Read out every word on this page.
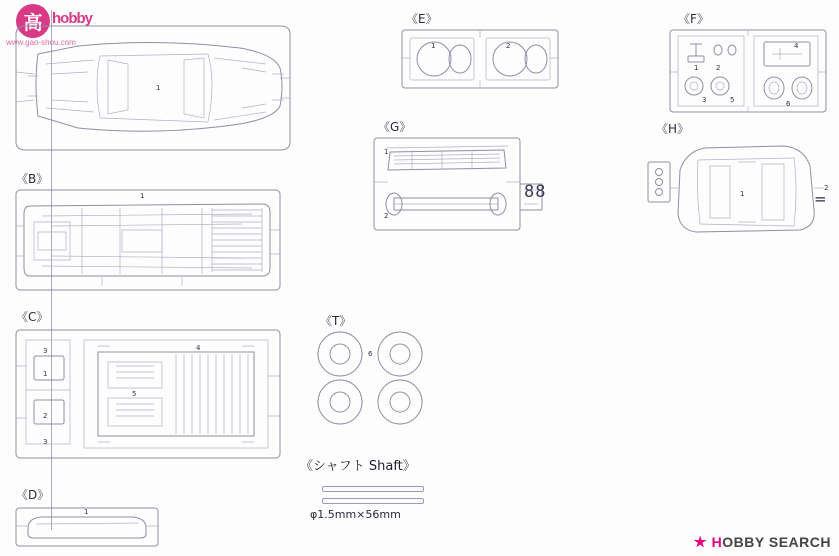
高 hobby
www.gao-shou.com
1
《B》
1
《C》
3
1
2
3
4
5
《D》
1
《E》
1	2
《F》
1	2
3
4
5	6
《G》
1
2
88
《H》
1
2
=
《T》
6
《シャフト Shaft》
φ1.5mm×56mm
HOBBY SEARCH
